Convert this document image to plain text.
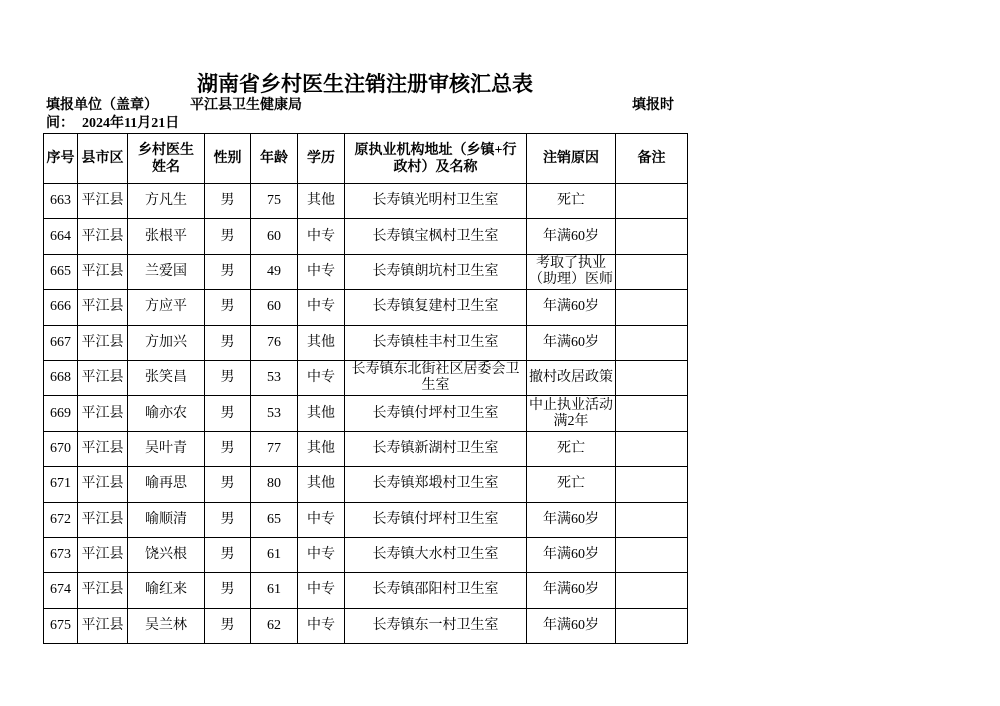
湖南省乡村医生注销注册审核汇总表
填报单位（盖章） 平江县卫生健康局	填报时
间： 2024年11月21日
序号	县市区	乡村医生姓名	性别	年龄	学历	原执业机构地址（乡镇+行政村）及名称	注销原因	备注
663	平江县	方凡生	男	75	其他	长寿镇光明村卫生室	死亡	
664	平江县	张根平	男	60	中专	长寿镇宝枫村卫生室	年满60岁	
665	平江县	兰爱国	男	49	中专	长寿镇朗坑村卫生室	考取了执业（助理）医师	
666	平江县	方应平	男	60	中专	长寿镇复建村卫生室	年满60岁	
667	平江县	方加兴	男	76	其他	长寿镇桂丰村卫生室	年满60岁	
668	平江县	张笑昌	男	53	中专	长寿镇东北街社区居委会卫生室	撤村改居政策	
669	平江县	喻亦农	男	53	其他	长寿镇付坪村卫生室	中止执业活动满2年	
670	平江县	吴叶青	男	77	其他	长寿镇新湖村卫生室	死亡	
671	平江县	喻再思	男	80	其他	长寿镇郑塅村卫生室	死亡	
672	平江县	喻顺清	男	65	中专	长寿镇付坪村卫生室	年满60岁	
673	平江县	饶兴根	男	61	中专	长寿镇大水村卫生室	年满60岁	
674	平江县	喻红来	男	61	中专	长寿镇邵阳村卫生室	年满60岁	
675	平江县	吴兰林	男	62	中专	长寿镇东一村卫生室	年满60岁	
